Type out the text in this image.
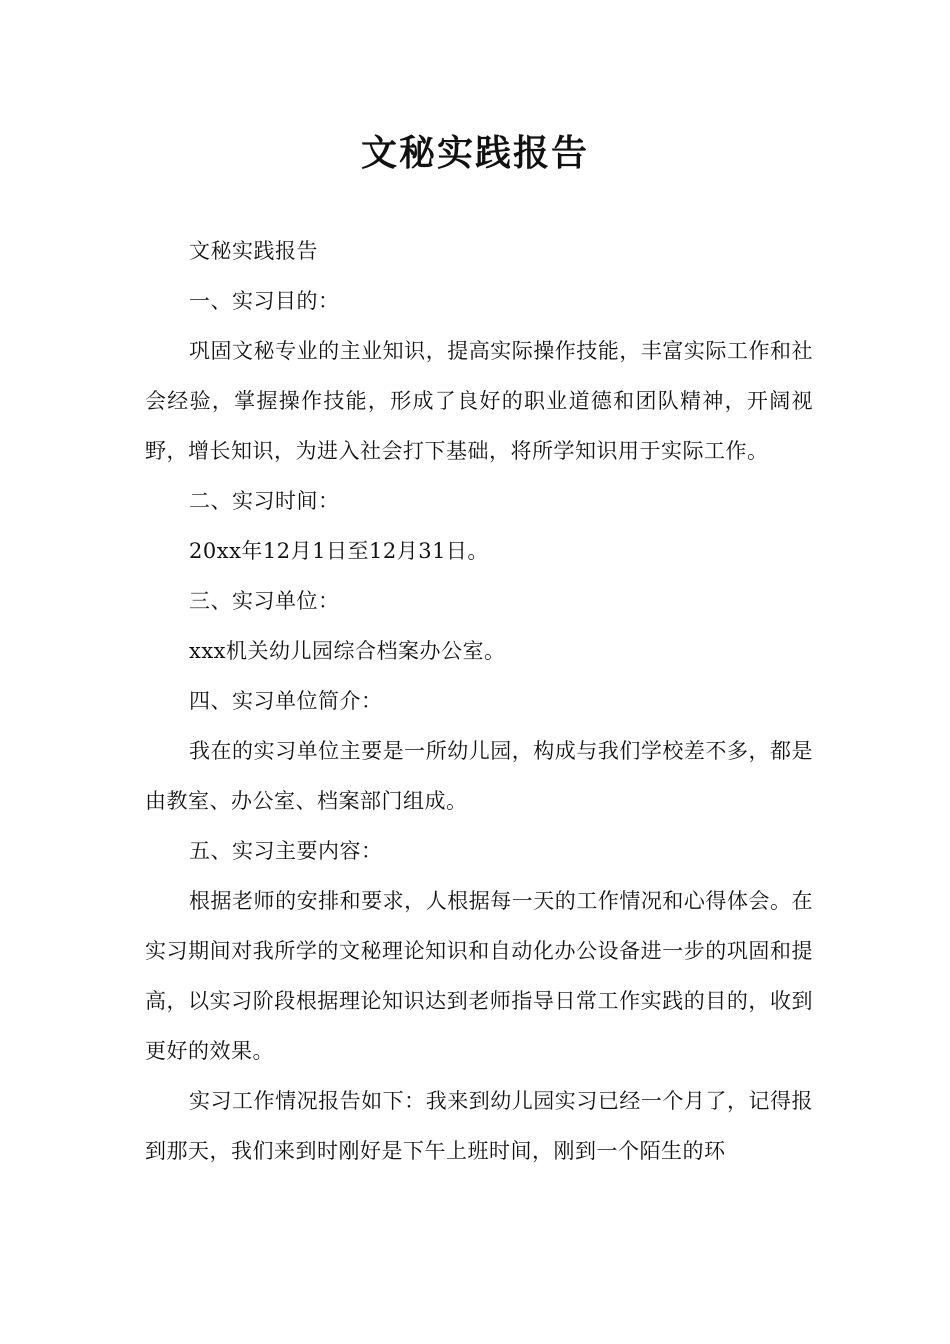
文秘实践报告

文秘实践报告

一、实习目的：

巩固文秘专业的主业知识，提高实际操作技能，丰富实际工作和社会经验，掌握操作技能，形成了良好的职业道德和团队精神，开阔视野，增长知识，为进入社会打下基础，将所学知识用于实际工作。

二、实习时间：

20xx年12月1日至12月31日。

三、实习单位：

xxx机关幼儿园综合档案办公室。

四、实习单位简介：

我在的实习单位主要是一所幼儿园，构成与我们学校差不多，都是由教室、办公室、档案部门组成。

五、实习主要内容：

根据老师的安排和要求，人根据每一天的工作情况和心得体会。在实习期间对我所学的文秘理论知识和自动化办公设备进一步的巩固和提高，以实习阶段根据理论知识达到老师指导日常工作实践的目的，收到更好的效果。

实习工作情况报告如下：我来到幼儿园实习已经一个月了，记得报到那天，我们来到时刚好是下午上班时间，刚到一个陌生的环
